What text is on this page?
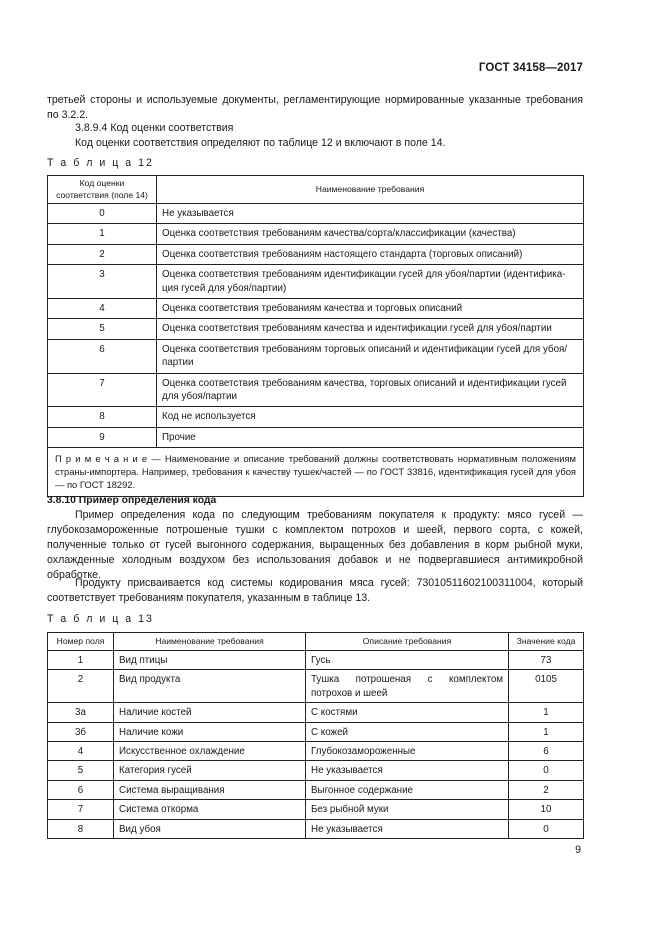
ГОСТ 34158—2017
третьей стороны и используемые документы, регламентирующие нормированные указанные требования по 3.2.2.
3.8.9.4 Код оценки соответствия
Код оценки соответствия определяют по таблице 12 и включают в поле 14.
Т а б л и ц а 12
Код оценки соответствия (поле 14)	Наименование требования
0	Не указывается
1	Оценка соответствия требованиям качества/сорта/классификации (качества)
2	Оценка соответствия требованиям настоящего стандарта (торговых описаний)
3	Оценка соответствия требованиям идентификации гусей для убоя/партии (идентифика-
ция гусей для убоя/партии)
4	Оценка соответствия требованиям качества и торговых описаний
5	Оценка соответствия требованиям качества и идентификации гусей для убоя/партии
6	Оценка соответствия требованиям торговых описаний и идентификации гусей для убоя/
партии
7	Оценка соответствия требованиям качества, торговых описаний и идентификации гусей
для убоя/партии
8	Код не используется
9	Прочие
П р и м е ч а н и е — Наименование и описание требований должны соответствовать нормативным положениям страны-импортера. Например, требования к качеству тушек/частей — по ГОСТ 33816, идентификация гусей для убоя — по ГОСТ 18292.	
3.8.10 Пример определения кода
Пример определения кода по следующим требованиям покупателя к продукту: мясо гусей — глубокозамороженные потрошеные тушки с комплектом потрохов и шеей, первого сорта, с кожей, полученные только от гусей выгонного содержания, выращенных без добавления в корм рыбной муки, охлажденные холодным воздухом без использования добавок и не подвергавшиеся антимикробной обработке.
Продукту присваивается код системы кодирования мяса гусей: 7301051160210031100​4, который соответствует требованиям покупателя, указанным в таблице 13.
Т а б л и ц а 13
Номер поля	Наименование требования	Описание требования	Значение кода
1	Вид птицы	Гусь	73
2	Вид продукта	Тушка потрошеная с комплектом потрохов и шеей	0105
3а	Наличие костей	С костями	1
3б	Наличие кожи	С кожей	1
4	Искусственное охлаждение	Глубокозамороженные	6
5	Категория гусей	Не указывается	0
6	Система выращивания	Выгонное содержание	2
7	Система откорма	Без рыбной муки	10
8	Вид убоя	Не указывается	0
9
